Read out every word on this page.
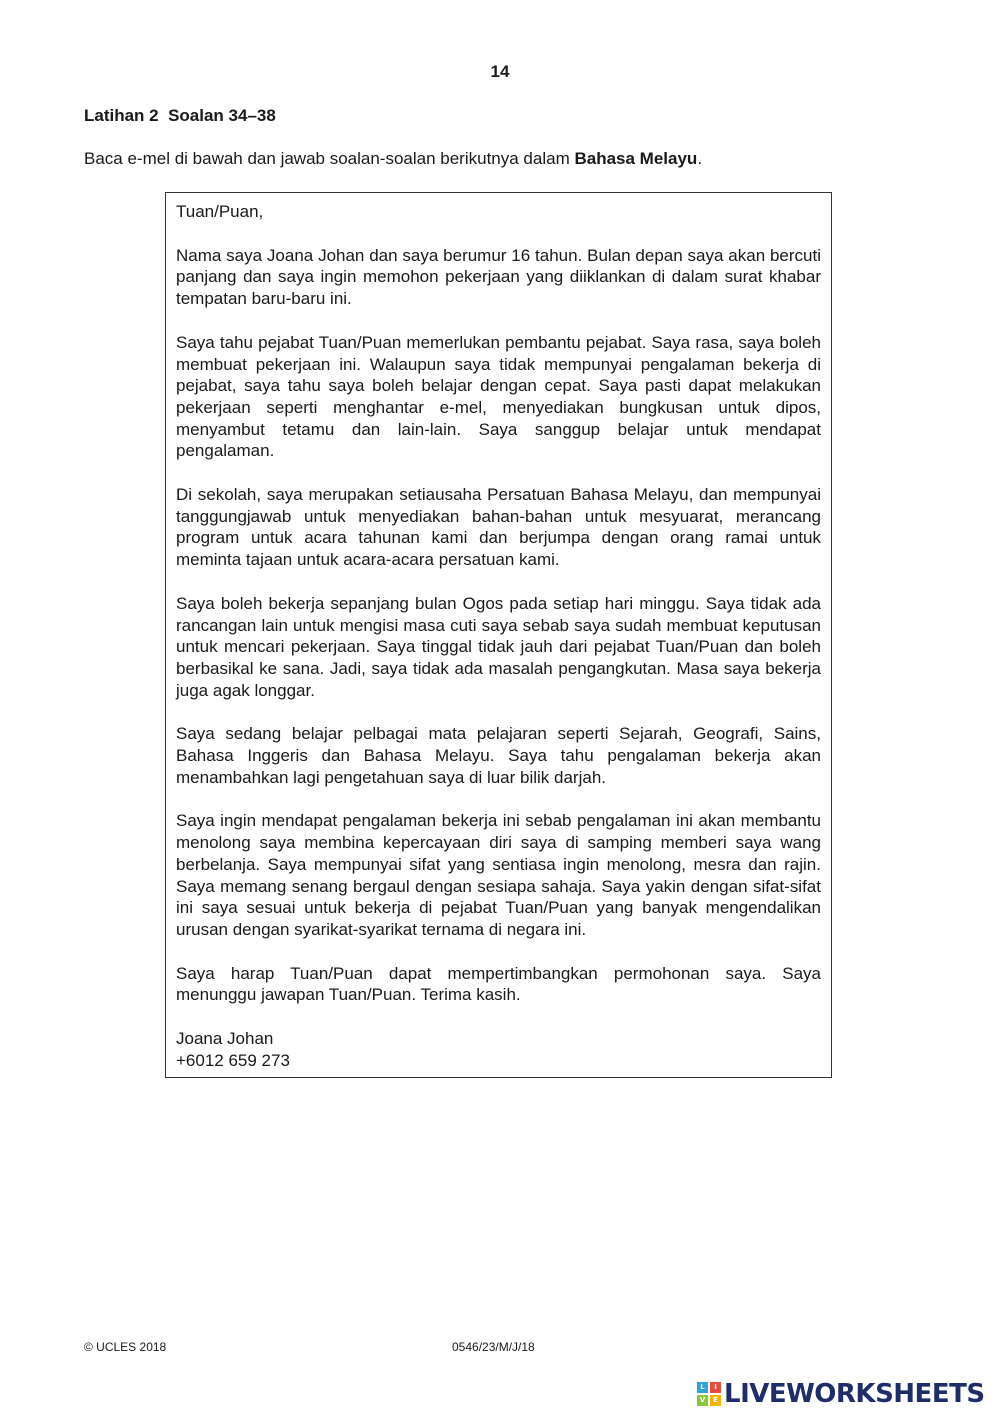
14
Latihan 2  Soalan 34–38
Baca e-mel di bawah dan jawab soalan-soalan berikutnya dalam Bahasa Melayu.

Tuan/Puan,

Nama saya Joana Johan dan saya berumur 16 tahun. Bulan depan saya akan bercuti panjang dan saya ingin memohon pekerjaan yang diiklankan di dalam surat khabar tempatan baru-baru ini.

Saya tahu pejabat Tuan/Puan memerlukan pembantu pejabat. Saya rasa, saya boleh membuat pekerjaan ini. Walaupun saya tidak mempunyai pengalaman bekerja di pejabat, saya tahu saya boleh belajar dengan cepat. Saya pasti dapat melakukan pekerjaan seperti menghantar e-mel, menyediakan bungkusan untuk dipos, menyambut tetamu dan lain-lain. Saya sanggup belajar untuk mendapat pengalaman.

Di sekolah, saya merupakan setiausaha Persatuan Bahasa Melayu, dan mempunyai tanggungjawab untuk menyediakan bahan-bahan untuk mesyuarat, merancang program untuk acara tahunan kami dan berjumpa dengan orang ramai untuk meminta tajaan untuk acara-acara persatuan kami.

Saya boleh bekerja sepanjang bulan Ogos pada setiap hari minggu. Saya tidak ada rancangan lain untuk mengisi masa cuti saya sebab saya sudah membuat keputusan untuk mencari pekerjaan. Saya tinggal tidak jauh dari pejabat Tuan/Puan dan boleh berbasikal ke sana. Jadi, saya tidak ada masalah pengangkutan. Masa saya bekerja juga agak longgar.

Saya sedang belajar pelbagai mata pelajaran seperti Sejarah, Geografi, Sains, Bahasa Inggeris dan Bahasa Melayu. Saya tahu pengalaman bekerja akan menambahkan lagi pengetahuan saya di luar bilik darjah.

Saya ingin mendapat pengalaman bekerja ini sebab pengalaman ini akan membantu menolong saya membina kepercayaan diri saya di samping memberi saya wang berbelanja. Saya mempunyai sifat yang sentiasa ingin menolong, mesra dan rajin. Saya memang senang bergaul dengan sesiapa sahaja. Saya yakin dengan sifat-sifat ini saya sesuai untuk bekerja di pejabat Tuan/Puan yang banyak mengendalikan urusan dengan syarikat-syarikat ternama di negara ini.

Saya harap Tuan/Puan dapat mempertimbangkan permohonan saya. Saya menunggu jawapan Tuan/Puan. Terima kasih.

Joana Johan

+6012 659 273

© UCLES 2018	0546/23/M/J/18
L	I
V	E LIVEWORKSHEETS
